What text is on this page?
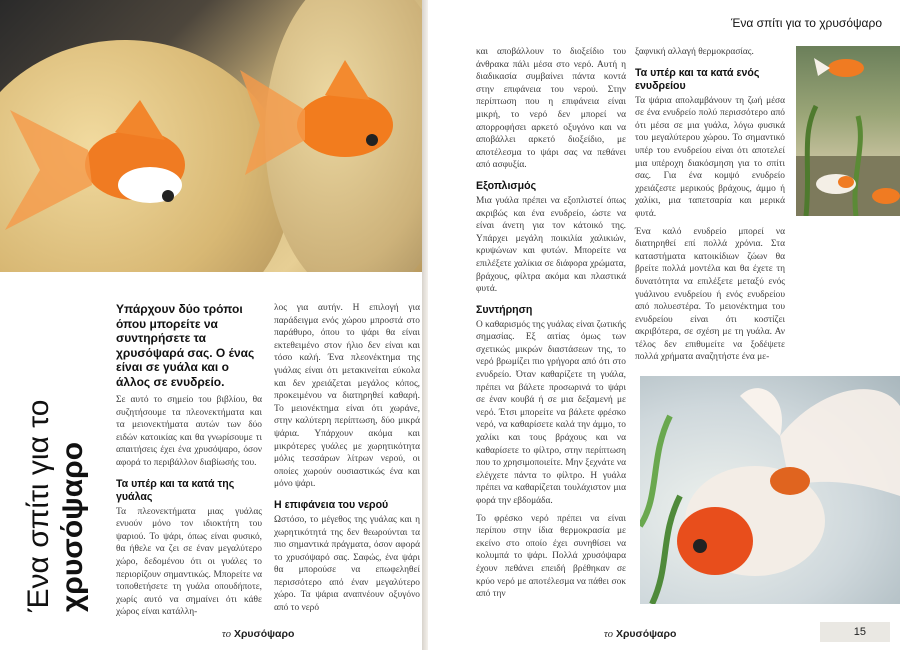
Ένα σπίτι για το χρυσόψαρο

Υπάρχουν δύο τρόποι όπου μπορείτε να συντηρήσετε τα χρυσόψαρά σας. Ο ένας είναι σε γυάλα και ο άλλος σε ενυδρείο.

Σε αυτό το σημείο του βιβλίου, θα συζητήσουμε τα πλεονεκτήματα και τα μειονεκτήματα αυτών των δύο ειδών κατοικίας και θα γνωρίσουμε τι απαιτήσεις έχει ένα χρυσόψαρο, όσον αφορά το περιβάλλον διαβίωσής του.

Τα υπέρ και τα κατά της γυάλας

Τα πλεονεκτήματα μιας γυάλας ενυούν μόνο τον ιδιοκτήτη του ψαριού. Το ψάρι, όπως είναι φυσικό, θα ήθελε να ζει σε έναν μεγαλύτερο χώρο, δεδομένου ότι οι γυάλες το περιορίζουν σημαντικώς. Μπορείτε να τοποθετήσετε τη γυάλα οπουδήποτε, χωρίς αυτό να σημαίνει ότι κάθε χώρος είναι κατάλλη-

λος για αυτήν. Η επιλογή για παράδειγμα ενός χώρου μπροστά στο παράθυρο, όπου το ψάρι θα είναι εκτεθειμένο στον ήλιο δεν είναι και τόσο καλή. Ένα πλεονέκτημα της γυάλας είναι ότι μετακινείται εύκολα και δεν χρειάζεται μεγάλος κόπος, προκειμένου να διατηρηθεί καθαρή. Το μειονέκτημα είναι ότι χωράνε, στην καλύτερη περίπτωση, δύο μικρά ψάρια. Υπάρχουν ακόμα και μικρότερες γυάλες με χωρητικότητα μόλις τεσσάρων λίτρων νερού, οι οποίες χωρούν ουσιαστικώς ένα και μόνο ψάρι.

Η επιφάνεια του νερού

Ωστόσο, το μέγεθος της γυάλας και η χωρητικότητά της δεν θεωρούνται τα πιο σημαντικά πράγματα, όσον αφορά το χρυσόψαρό σας. Σαφώς, ένα ψάρι θα μπορούσε να επωφεληθεί περισσότερο από έναν μεγαλύτερο χώρο. Τα ψάρια αναπνέουν οξυγόνο από το νερό

το Χρυσόψαρο
Ένα σπίτι για το χρυσόψαρο

και αποβάλλουν το διοξείδιο του άνθρακα πάλι μέσα στο νερό. Αυτή η διαδικασία συμβαίνει πάντα κοντά στην επιφάνεια του νερού. Στην περίπτωση που η επιφάνεια είναι μικρή, το νερό δεν μπορεί να απορροφήσει αρκετό οξυγόνο και να αποβάλλει αρκετό διοξείδιο, με αποτέλεσμα το ψάρι σας να πεθάνει από ασφυξία.

Εξοπλισμός

Μια γυάλα πρέπει να εξοπλιστεί όπως ακριβώς και ένα ενυδρείο, ώστε να είναι άνετη για τον κάτοικό της. Υπάρχει μεγάλη ποικιλία χαλικιών, κρυψώνων και φυτών. Μπορείτε να επιλέξετε χαλίκια σε διάφορα χρώματα, βράχους, φίλτρα ακόμα και πλαστικά φυτά.

Συντήρηση

Ο καθαρισμός της γυάλας είναι ζωτικής σημασίας. Εξ αιτίας όμως των σχετικώς μικρών διαστάσεων της, το νερό βρωμίζει πιο γρήγορα από ότι στο ενυδρείο. Όταν καθαρίζετε τη γυάλα, πρέπει να βάλετε προσωρινά το ψάρι σε έναν κουβά ή σε μια δεξαμενή με νερό. Έτσι μπορείτε να βάλετε φρέσκο νερό, να καθαρίσετε καλά την άμμο, το χαλίκι και τους βράχους και να καθαρίσετε το φίλτρο, στην περίπτωση που το χρησιμοποιείτε. Μην ξεχνάτε να ελέγχετε πάντα το φίλτρο. Η γυάλα πρέπει να καθαρίζεται τουλάχιστον μια φορά την εβδομάδα.

Το φρέσκο νερό πρέπει να είναι περίπου στην ίδια θερμοκρασία με εκείνο στο οποίο έχει συνηθίσει να κολυμπά το ψάρι. Πολλά χρυσόψαρα έχουν πεθάνει επειδή βρέθηκαν σε κρύο νερό με αποτέλεσμα να πάθει σοκ από την

ξαφνική αλλαγή θερμοκρασίας.

Τα υπέρ και τα κατά ενός ενυδρείου

Τα ψάρια απολαμβάνουν τη ζωή μέσα σε ένα ενυδρείο πολύ περισσότερο από ότι μέσα σε μια γυάλα, λόγω φυσικά του μεγαλύτερου χώρου. Το σημαντικό υπέρ του ενυδρείου είναι ότι αποτελεί μια υπέροχη διακόσμηση για το σπίτι σας. Για ένα κομψό ενυδρείο χρειάζεστε μερικούς βράχους, άμμο ή χαλίκι, μια ταπετσαρία και μερικά φυτά.

Ένα καλό ενυδρείο μπορεί να διατηρηθεί επί πολλά χρόνια. Στα καταστήματα κατοικίδιων ζώων θα βρείτε πολλά μοντέλα και θα έχετε τη δυνατότητα να επιλέξετε μεταξύ ενός γυάλινου ενυδρείου ή ενός ενυδρείου από πολυεστέρα. Το μειονέκτημα του ενυδρείου είναι ότι κοστίζει ακριβότερα, σε σχέση με τη γυάλα. Αν τέλος δεν επιθυμείτε να ξοδέψετε πολλά χρήματα αναζητήστε ένα με-

το Χρυσόψαρο	15
